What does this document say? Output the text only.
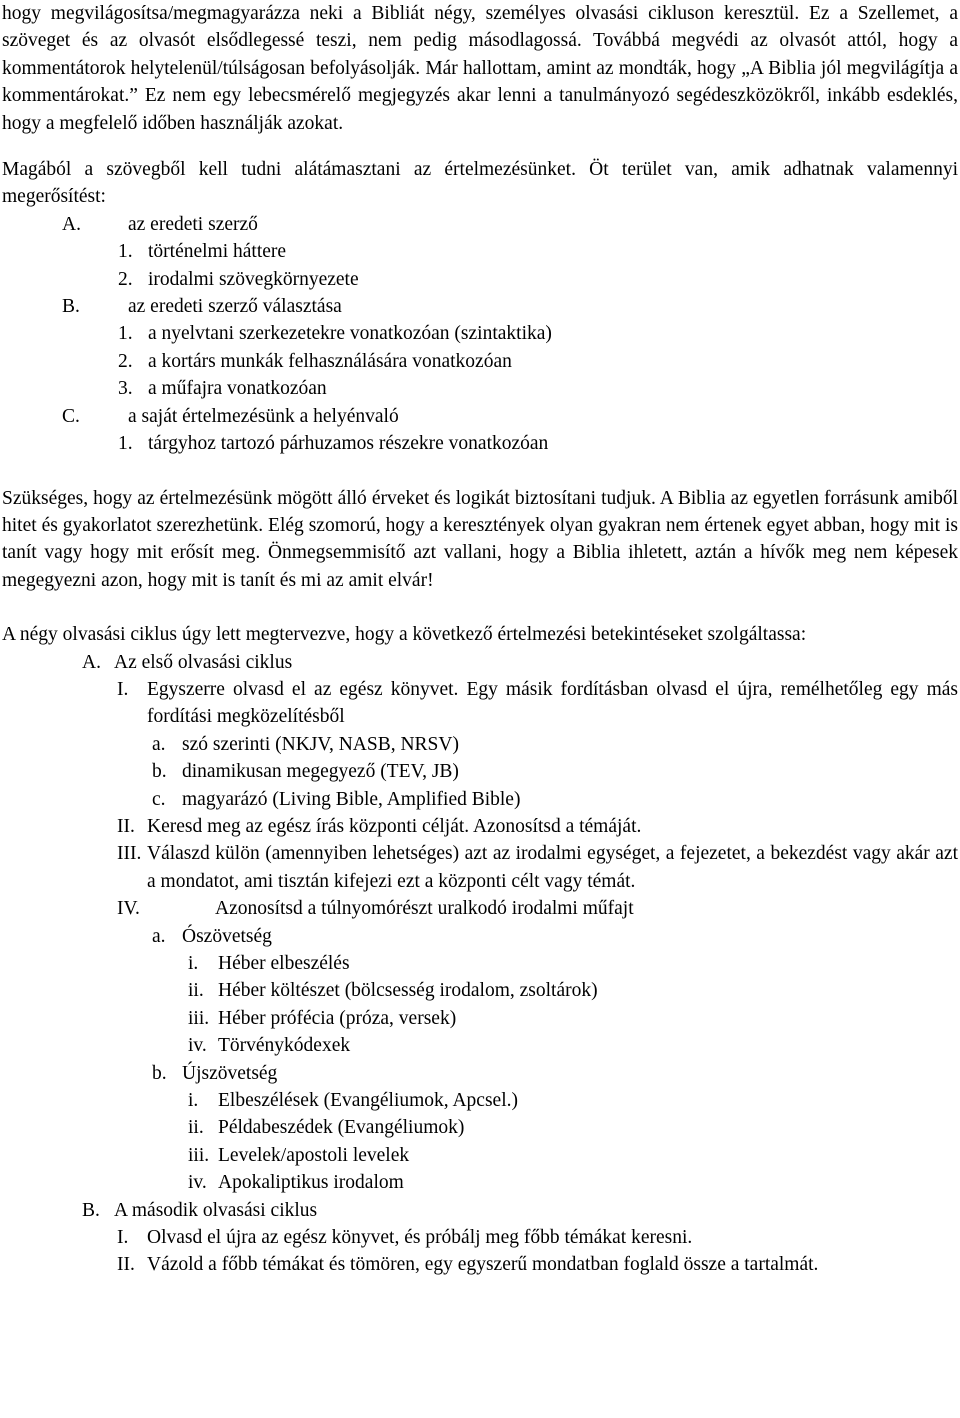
hogy megvilágosítsa/megmagyarázza neki a Bibliát négy, személyes olvasási cikluson keresztül. Ez a Szellemet, a szöveget és az olvasót elsődlegessé teszi, nem pedig másodlagossá. Továbbá megvédi az olvasót attól, hogy a kommentátorok helytelenül/túlságosan befolyásolják. Már hallottam, amint az mondták, hogy „A Biblia jól megvilágítja a kommentárokat.” Ez nem egy lebecsmérelő megjegyzés akar lenni a tanulmányozó segédeszközökről, inkább esdeklés, hogy a megfelelő időben használják azokat.

Magából a szövegből kell tudni alátámasztani az értelmezésünket. Öt terület van, amik adhatnak valamennyi megerősítést:

A.	az eredeti szerző
1. történelmi háttere
2. irodalmi szövegkörnyezete
B.	az eredeti szerző választása
1. a nyelvtani szerkezetekre vonatkozóan (szintaktika)
2. a kortárs munkák felhasználására vonatkozóan
3. a műfajra vonatkozóan
C.	a saját értelmezésünk a helyénvaló
1. tárgyhoz tartozó párhuzamos részekre vonatkozóan

Szükséges, hogy az értelmezésünk mögött álló érveket és logikát biztosítani tudjuk. A Biblia az egyetlen forrásunk amiből hitet és gyakorlatot szerezhetünk. Elég szomorú, hogy a keresztények olyan gyakran nem értenek egyet abban, hogy mit is tanít vagy hogy mit erősít meg. Önmegsemmisítő azt vallani, hogy a Biblia ihletett, aztán a hívők meg nem képesek megegyezni azon, hogy mit is tanít és mi az amit elvár!

A négy olvasási ciklus úgy lett megtervezve, hogy a következő értelmezési betekintéseket szolgáltassa:

A. Az első olvasási ciklus
I. Egyszerre olvasd el az egész könyvet. Egy másik fordításban olvasd el újra, remélhetőleg egy más fordítási megközelítésből
a. szó szerinti (NKJV, NASB, NRSV)
b. dinamikusan megegyező (TEV, JB)
c. magyarázó (Living Bible, Amplified Bible)
II. Keresd meg az egész írás központi célját. Azonosítsd a témáját.
III. Válaszd külön (amennyiben lehetséges) azt az irodalmi egységet, a fejezetet, a bekezdést vagy akár azt a mondatot, ami tisztán kifejezi ezt a központi célt vagy témát.
IV.	Azonosítsd a túlnyomórészt uralkodó irodalmi műfajt
a. Ószövetség
i.	Héber elbeszélés
ii. Héber költészet (bölcsesség irodalom, zsoltárok)
iii. Héber prófécia (próza, versek)
iv. Törvénykódexek
b. Újszövetség
i.	Elbeszélések (Evangéliumok, Apcsel.)
ii. Példabeszédek (Evangéliumok)
iii. Levelek/apostoli levelek
iv. Apokaliptikus irodalom
B. A második olvasási ciklus
I. Olvasd el újra az egész könyvet, és próbálj meg főbb témákat keresni.
II. Vázold a főbb témákat és tömören, egy egyszerű mondatban foglald össze a tartalmát.
